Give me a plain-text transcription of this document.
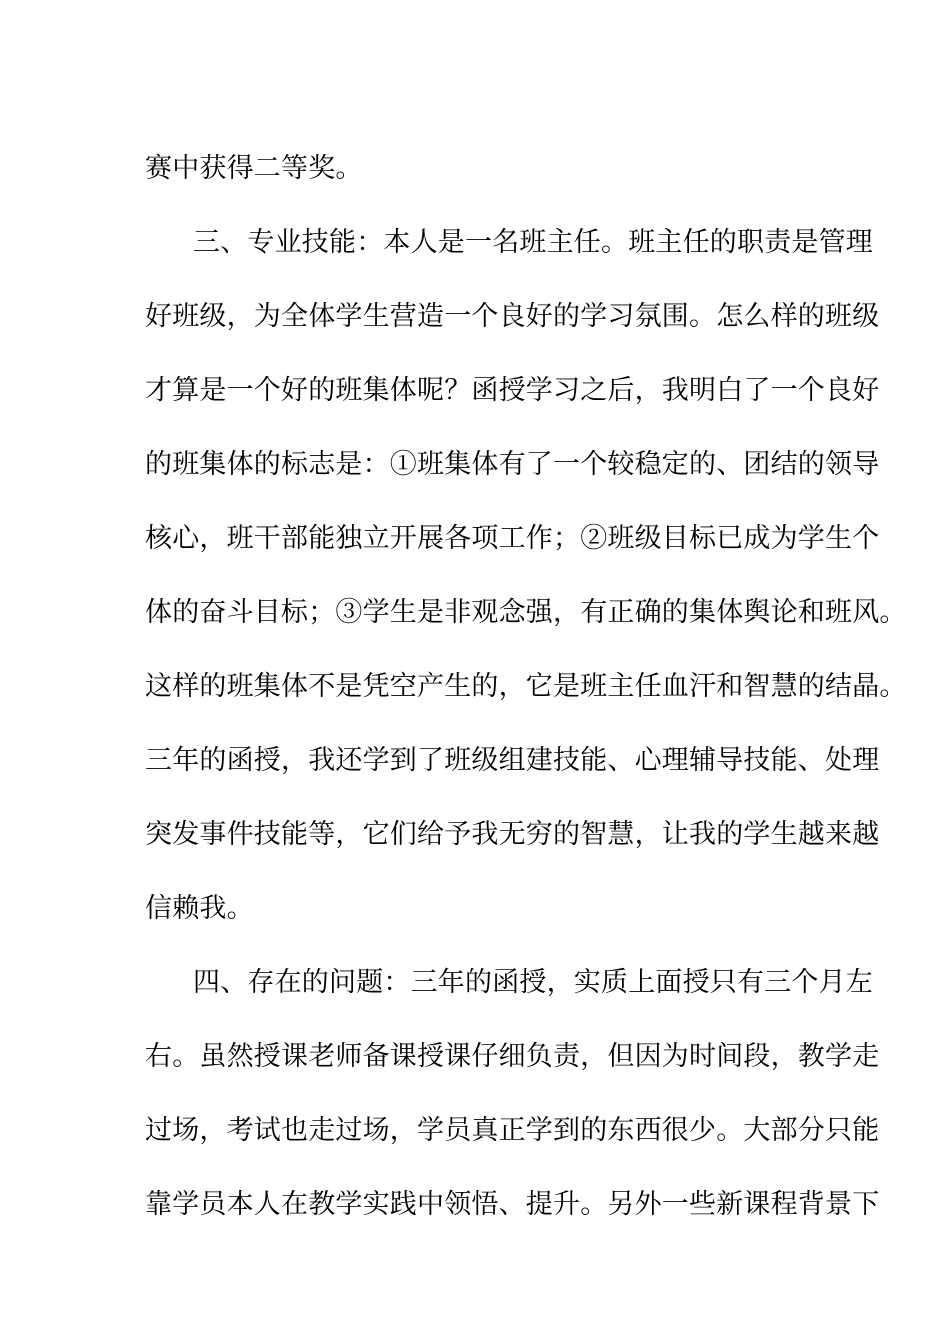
赛中获得二等奖。
三、专业技能：本人是一名班主任。班主任的职责是管理
好班级，为全体学生营造一个良好的学习氛围。怎么样的班级
才算是一个好的班集体呢？函授学习之后，我明白了一个良好
的班集体的标志是：①班集体有了一个较稳定的、团结的领导
核心，班干部能独立开展各项工作；②班级目标已成为学生个
体的奋斗目标；③学生是非观念强，有正确的集体舆论和班风。
这样的班集体不是凭空产生的，它是班主任血汗和智慧的结晶。
三年的函授，我还学到了班级组建技能、心理辅导技能、处理
突发事件技能等，它们给予我无穷的智慧，让我的学生越来越
信赖我。
四、存在的问题：三年的函授，实质上面授只有三个月左
右。虽然授课老师备课授课仔细负责，但因为时间段，教学走
过场，考试也走过场，学员真正学到的东西很少。大部分只能
靠学员本人在教学实践中领悟、提升。另外一些新课程背景下
